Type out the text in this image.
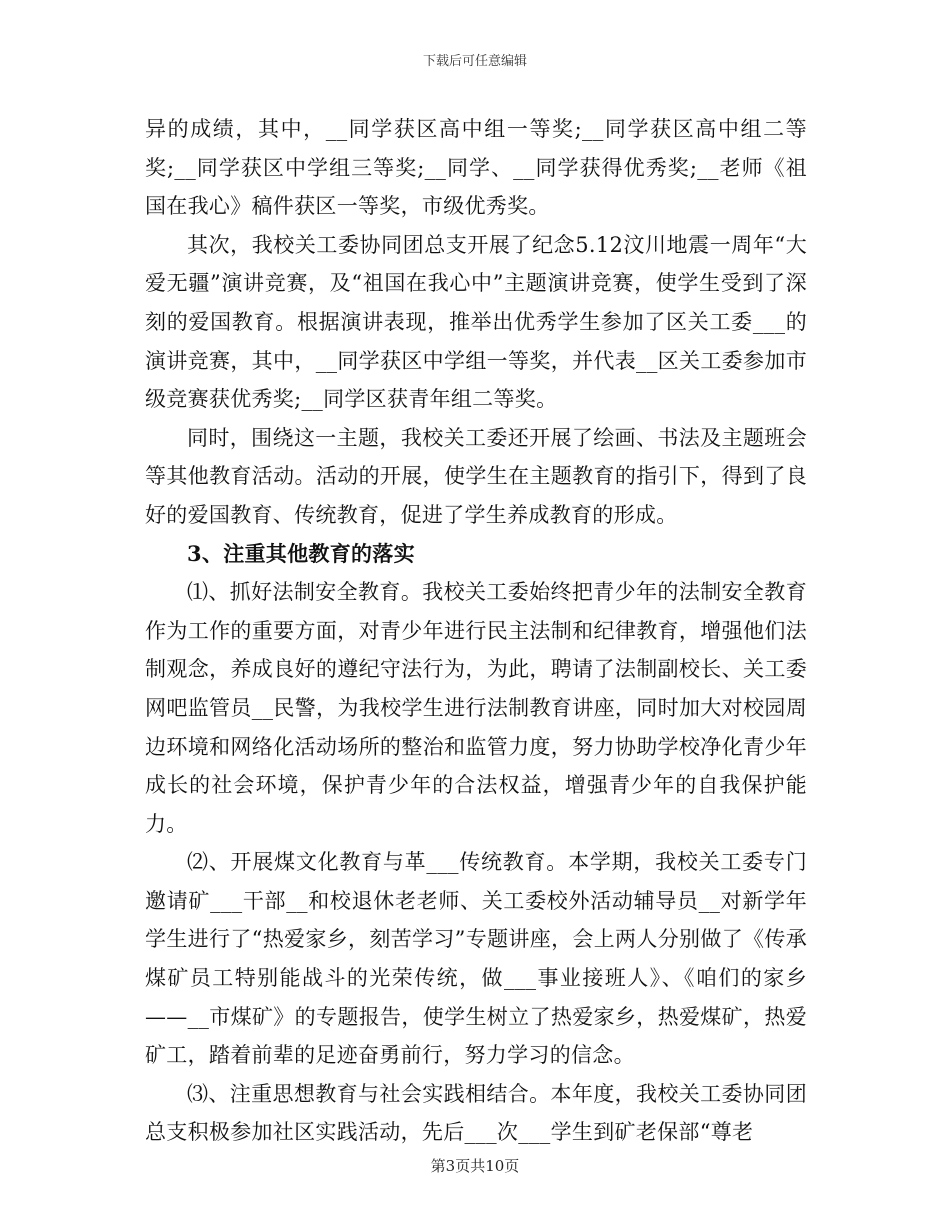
下载后可任意编辑

异的成绩，其中，__同学获区高中组一等奖;__同学获区高中组二等奖;__同学获区中学组三等奖;__同学、__同学获得优秀奖;__老师《祖国在我心》稿件获区一等奖，市级优秀奖。

其次，我校关工委协同团总支开展了纪念5.12汶川地震一周年“大爱无疆”演讲竞赛，及“祖国在我心中”主题演讲竞赛，使学生受到了深刻的爱国教育。根据演讲表现，推举出优秀学生参加了区关工委___的演讲竞赛，其中，__同学获区中学组一等奖，并代表__区关工委参加市级竞赛获优秀奖;__同学区获青年组二等奖。

同时，围绕这一主题，我校关工委还开展了绘画、书法及主题班会等其他教育活动。活动的开展，使学生在主题教育的指引下，得到了良好的爱国教育、传统教育，促进了学生养成教育的形成。

3、注重其他教育的落实

⑴、抓好法制安全教育。我校关工委始终把青少年的法制安全教育作为工作的重要方面，对青少年进行民主法制和纪律教育，增强他们法制观念，养成良好的遵纪守法行为，为此，聘请了法制副校长、关工委网吧监管员__民警，为我校学生进行法制教育讲座，同时加大对校园周边环境和网络化活动场所的整治和监管力度，努力协助学校净化青少年成长的社会环境，保护青少年的合法权益，增强青少年的自我保护能力。

⑵、开展煤文化教育与革___传统教育。本学期，我校关工委专门邀请矿___干部__和校退休老老师、关工委校外活动辅导员__对新学年学生进行了“热爱家乡，刻苦学习”专题讲座，会上两人分别做了《传承煤矿员工特别能战斗的光荣传统，做___事业接班人》、《咱们的家乡——__市煤矿》的专题报告，使学生树立了热爱家乡，热爱煤矿，热爱矿工，踏着前辈的足迹奋勇前行，努力学习的信念。

⑶、注重思想教育与社会实践相结合。本年度，我校关工委协同团总支积极参加社区实践活动，先后___次___学生到矿老保部“尊老

第3页共10页
